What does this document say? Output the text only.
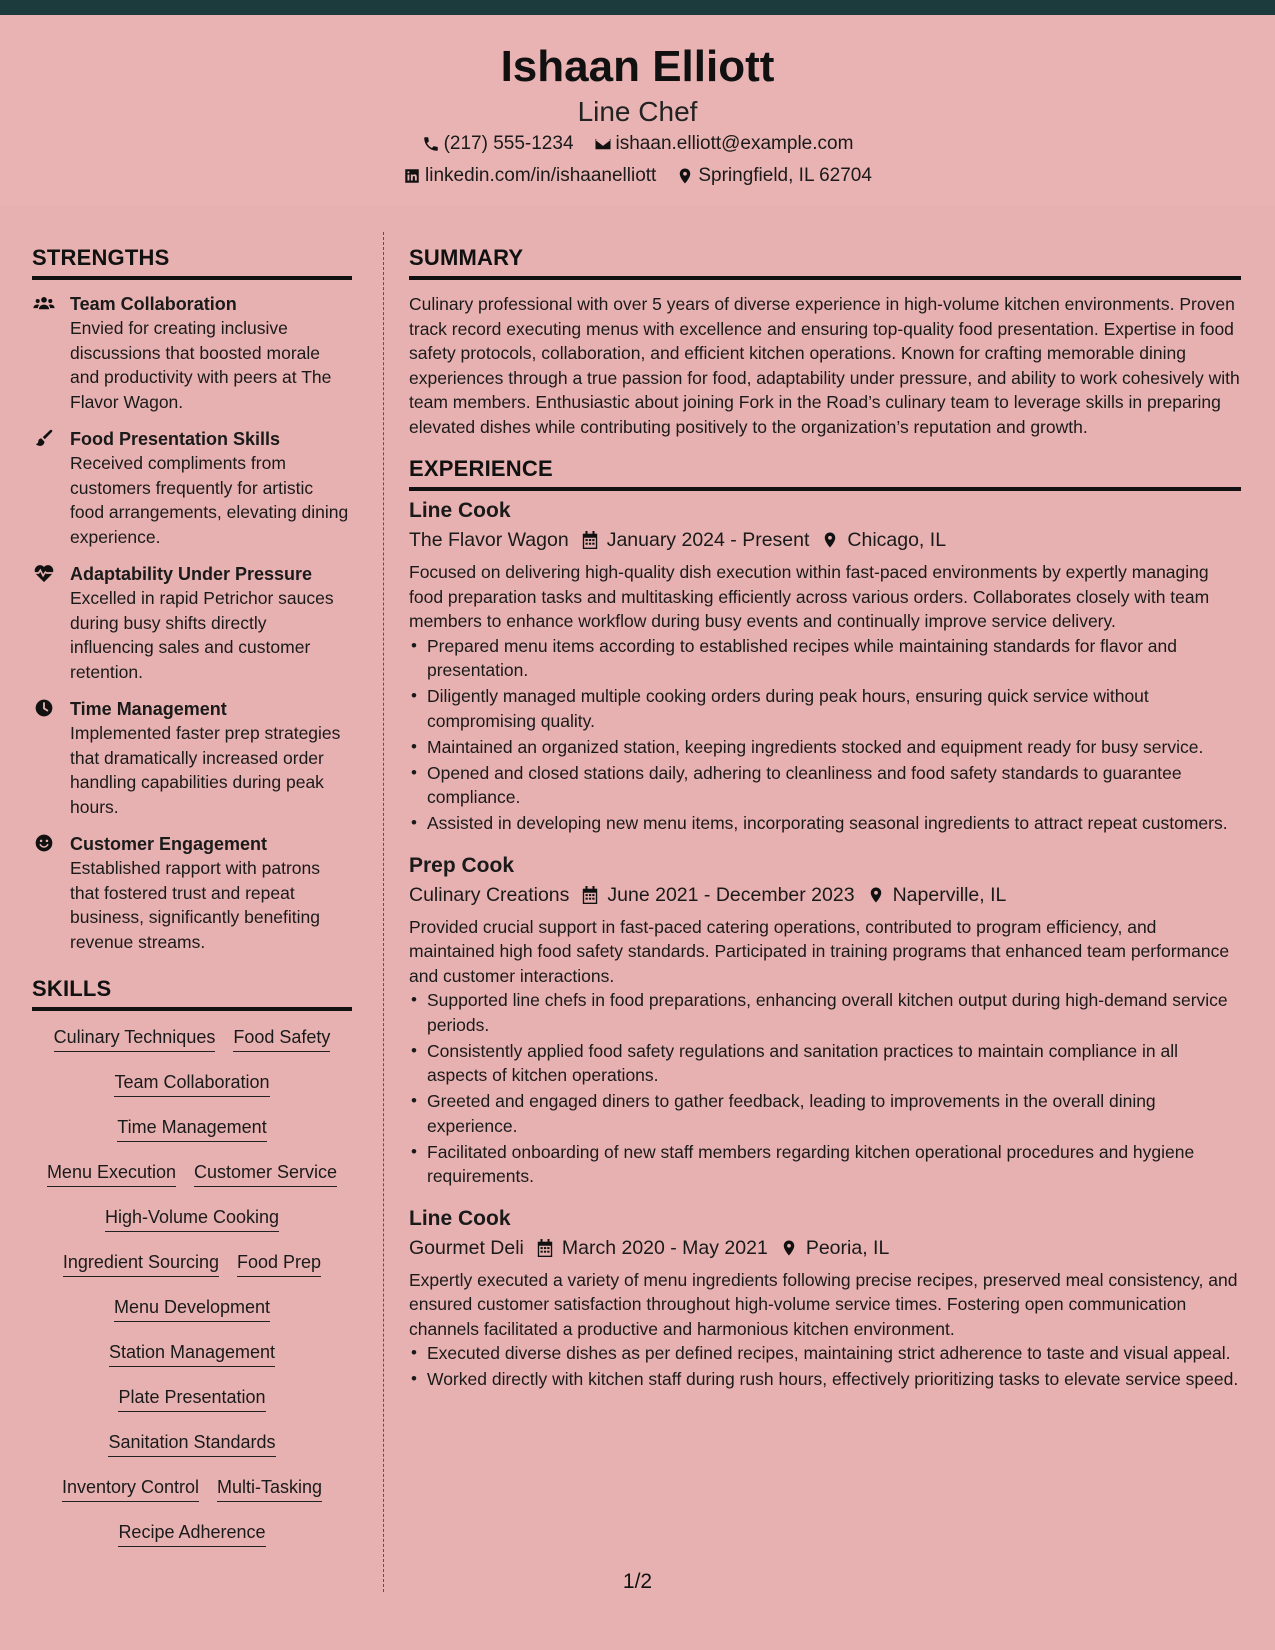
Ishaan Elliott
Line Chef
(217) 555-1234 ishaan.elliott@example.com
linkedin.com/in/ishaanelliott Springfield, IL 62704
STRENGTHS
Team Collaboration
Envied for creating inclusive discussions that boosted morale and productivity with peers at The Flavor Wagon.
Food Presentation Skills
Received compliments from customers frequently for artistic food arrangements, elevating dining experience.
Adaptability Under Pressure
Excelled in rapid Petrichor sauces during busy shifts directly influencing sales and customer retention.
Time Management
Implemented faster prep strategies that dramatically increased order handling capabilities during peak hours.
Customer Engagement
Established rapport with patrons that fostered trust and repeat business, significantly benefiting revenue streams.
SKILLS
Culinary Techniques Food Safety
Team Collaboration
Time Management
Menu Execution Customer Service
High-Volume Cooking
Ingredient Sourcing Food Prep
Menu Development
Station Management
Plate Presentation
Sanitation Standards
Inventory Control Multi-Tasking
Recipe Adherence
SUMMARY
Culinary professional with over 5 years of diverse experience in high-volume kitchen environments. Proven track record executing menus with excellence and ensuring top-quality food presentation. Expertise in food safety protocols, collaboration, and efficient kitchen operations. Known for crafting memorable dining experiences through a true passion for food, adaptability under pressure, and ability to work cohesively with team members. Enthusiastic about joining Fork in the Road’s culinary team to leverage skills in preparing elevated dishes while contributing positively to the organization’s reputation and growth.
EXPERIENCE
Line Cook
The Flavor Wagon January 2024 - Present Chicago, IL
Focused on delivering high-quality dish execution within fast-paced environments by expertly managing food preparation tasks and multitasking efficiently across various orders. Collaborates closely with team members to enhance workflow during busy events and continually improve service delivery.
• Prepared menu items according to established recipes while maintaining standards for flavor and presentation.
• Diligently managed multiple cooking orders during peak hours, ensuring quick service without compromising quality.
• Maintained an organized station, keeping ingredients stocked and equipment ready for busy service.
• Opened and closed stations daily, adhering to cleanliness and food safety standards to guarantee compliance.
• Assisted in developing new menu items, incorporating seasonal ingredients to attract repeat customers.
Prep Cook
Culinary Creations June 2021 - December 2023 Naperville, IL
Provided crucial support in fast-paced catering operations, contributed to program efficiency, and maintained high food safety standards. Participated in training programs that enhanced team performance and customer interactions.
• Supported line chefs in food preparations, enhancing overall kitchen output during high-demand service periods.
• Consistently applied food safety regulations and sanitation practices to maintain compliance in all aspects of kitchen operations.
• Greeted and engaged diners to gather feedback, leading to improvements in the overall dining experience.
• Facilitated onboarding of new staff members regarding kitchen operational procedures and hygiene requirements.
Line Cook
Gourmet Deli March 2020 - May 2021 Peoria, IL
Expertly executed a variety of menu ingredients following precise recipes, preserved meal consistency, and ensured customer satisfaction throughout high-volume service times. Fostering open communication channels facilitated a productive and harmonious kitchen environment.
• Executed diverse dishes as per defined recipes, maintaining strict adherence to taste and visual appeal.
• Worked directly with kitchen staff during rush hours, effectively prioritizing tasks to elevate service speed.
1/2
